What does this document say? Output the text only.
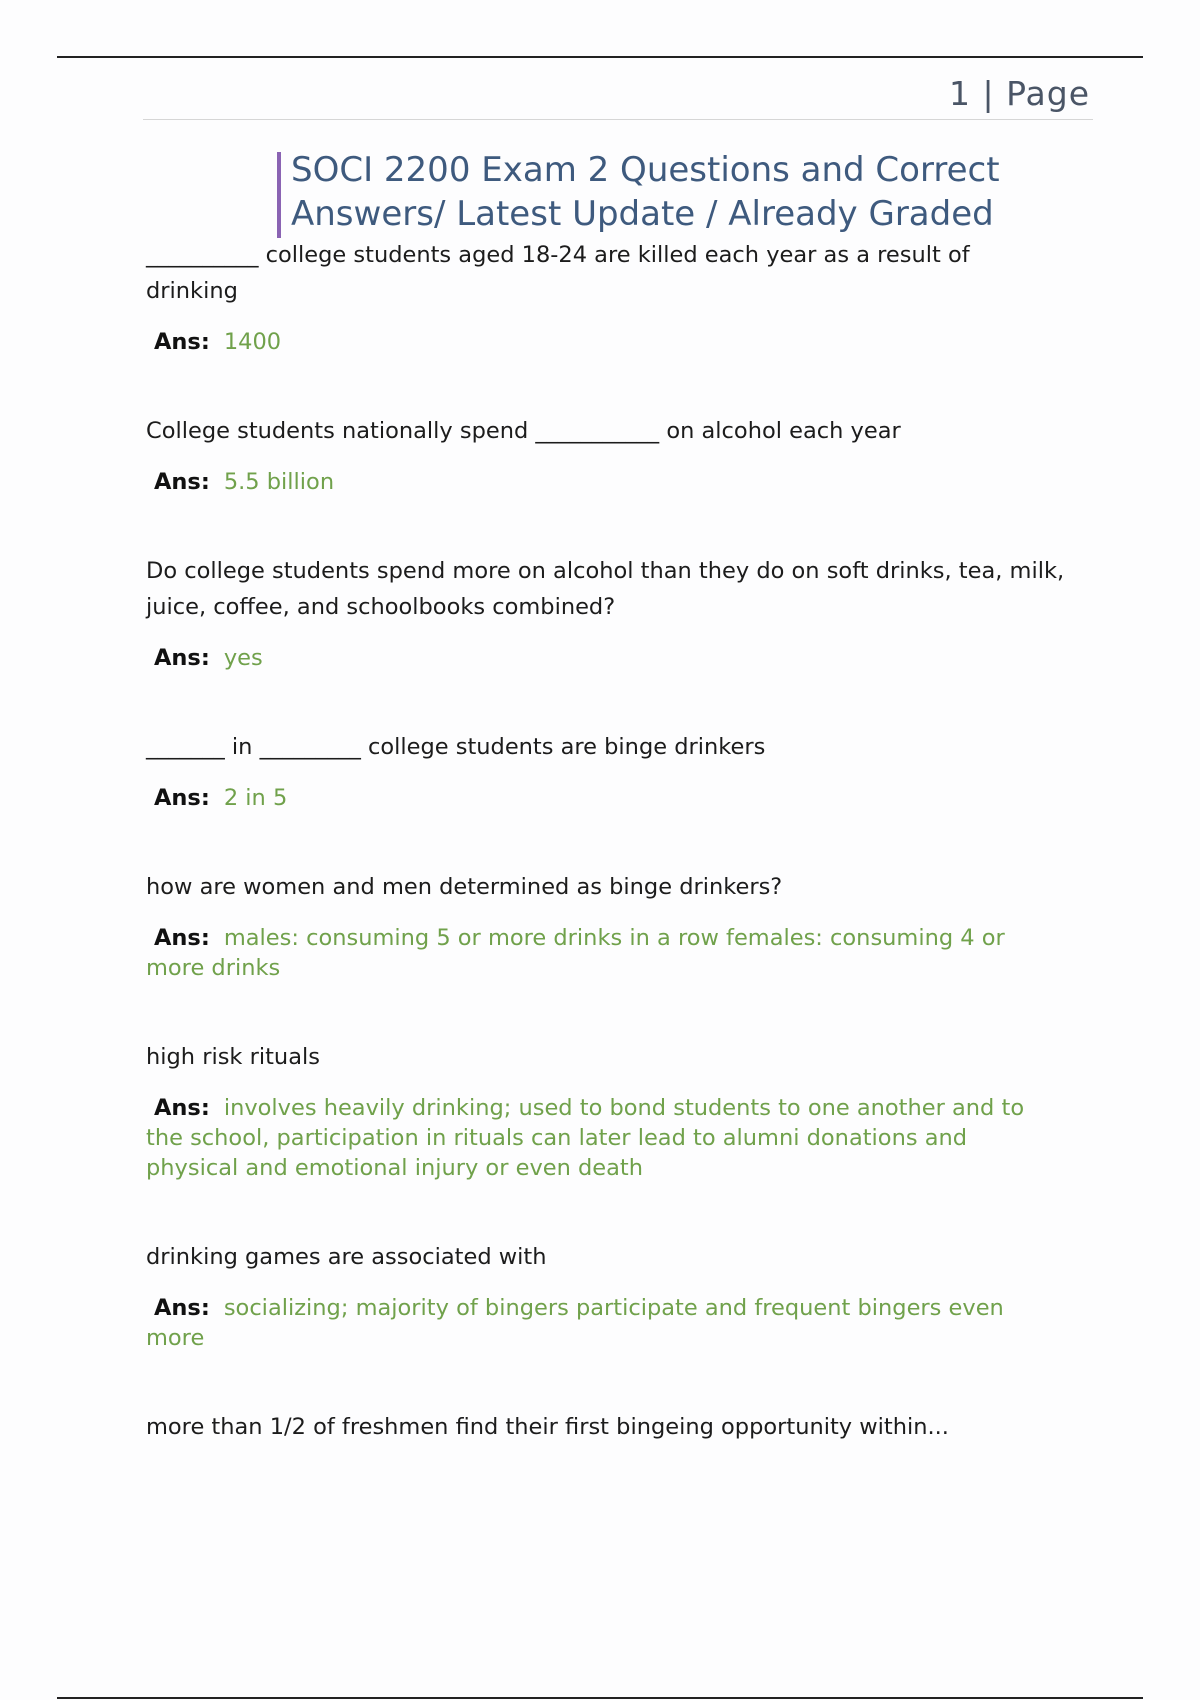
1 | Page
SOCI 2200 Exam 2 Questions and Correct
Answers/ Latest Update / Already Graded
__________ college students aged 18-24 are killed each year as a result of drinking
Ans: 1400
College students nationally spend ___________ on alcohol each year
Ans: 5.5 billion
Do college students spend more on alcohol than they do on soft drinks, tea, milk, juice, coffee, and schoolbooks combined?
Ans: yes
_______ in _________ college students are binge drinkers
Ans: 2 in 5
how are women and men determined as binge drinkers?
Ans: males: consuming 5 or more drinks in a row females: consuming 4 or more drinks
high risk rituals
Ans: involves heavily drinking; used to bond students to one another and to the school, participation in rituals can later lead to alumni donations and physical and emotional injury or even death
drinking games are associated with
Ans: socializing; majority of bingers participate and frequent bingers even more
more than 1/2 of freshmen find their first bingeing opportunity within...
